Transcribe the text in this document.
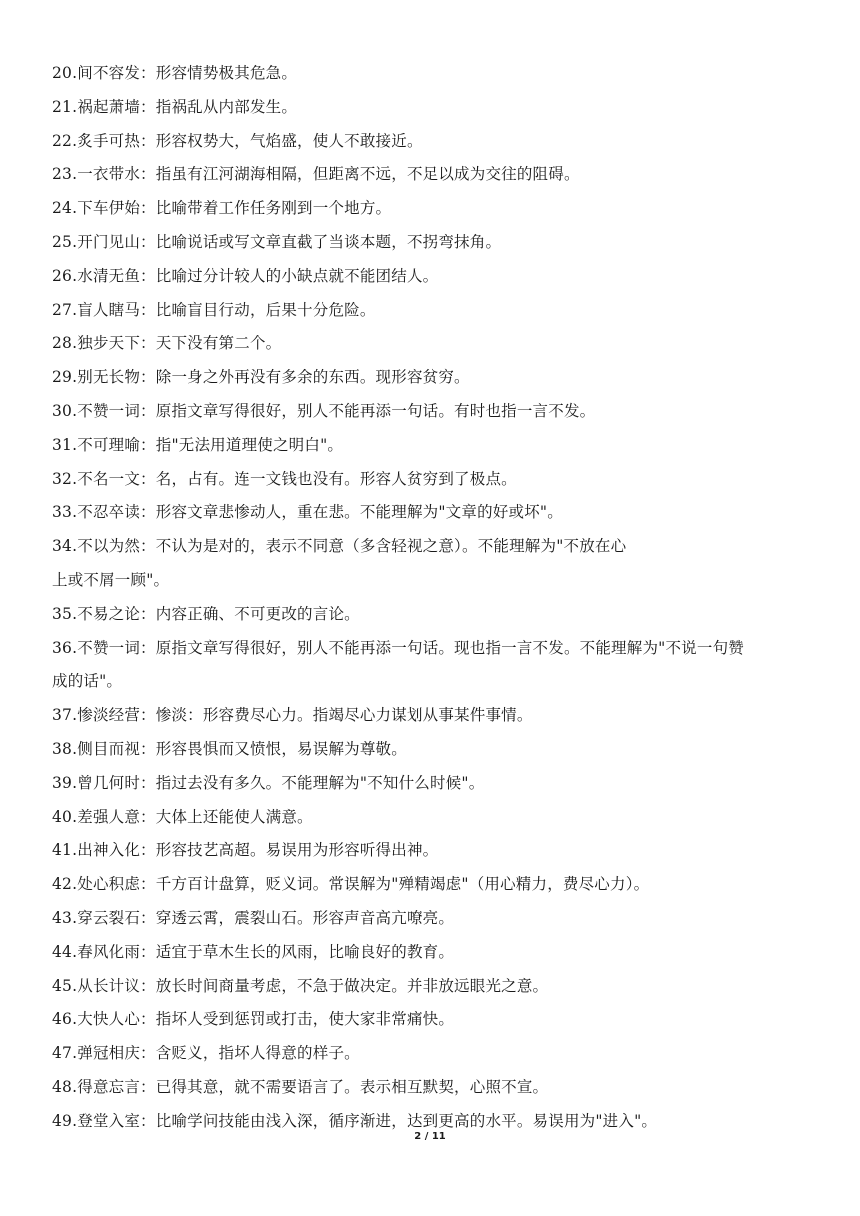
20.间不容发：形容情势极其危急。
21.祸起萧墙：指祸乱从内部发生。
22.炙手可热：形容权势大，气焰盛，使人不敢接近。
23.一衣带水：指虽有江河湖海相隔，但距离不远，不足以成为交往的阻碍。
24.下车伊始：比喻带着工作任务刚到一个地方。
25.开门见山：比喻说话或写文章直截了当谈本题，不拐弯抹角。
26.水清无鱼：比喻过分计较人的小缺点就不能团结人。
27.盲人瞎马：比喻盲目行动，后果十分危险。
28.独步天下：天下没有第二个。
29.别无长物：除一身之外再没有多余的东西。现形容贫穷。
30.不赞一词：原指文章写得很好，别人不能再添一句话。有时也指一言不发。
31.不可理喻：指"无法用道理使之明白"。
32.不名一文：名，占有。连一文钱也没有。形容人贫穷到了极点。
33.不忍卒读：形容文章悲惨动人，重在悲。不能理解为"文章的好或坏"。
34.不以为然：不认为是对的，表示不同意（多含轻视之意）。不能理解为"不放在心
上或不屑一顾"。
35.不易之论：内容正确、不可更改的言论。
36.不赞一词：原指文章写得很好，别人不能再添一句话。现也指一言不发。不能理解为"不说一句赞
成的话"。
37.惨淡经营：惨淡：形容费尽心力。指竭尽心力谋划从事某件事情。
38.侧目而视：形容畏惧而又愤恨，易误解为尊敬。
39.曾几何时：指过去没有多久。不能理解为"不知什么时候"。
40.差强人意：大体上还能使人满意。
41.出神入化：形容技艺高超。易误用为形容听得出神。
42.处心积虑：千方百计盘算，贬义词。常误解为"殚精竭虑"（用心精力，费尽心力）。
43.穿云裂石：穿透云霄，震裂山石。形容声音高亢嘹亮。
44.春风化雨：适宜于草木生长的风雨，比喻良好的教育。
45.从长计议：放长时间商量考虑，不急于做决定。并非放远眼光之意。
46.大快人心：指坏人受到惩罚或打击，使大家非常痛快。
47.弹冠相庆：含贬义，指坏人得意的样子。
48.得意忘言：已得其意，就不需要语言了。表示相互默契，心照不宣。
49.登堂入室：比喻学问技能由浅入深，循序渐进，达到更高的水平。易误用为"进入"。
2 / 11
